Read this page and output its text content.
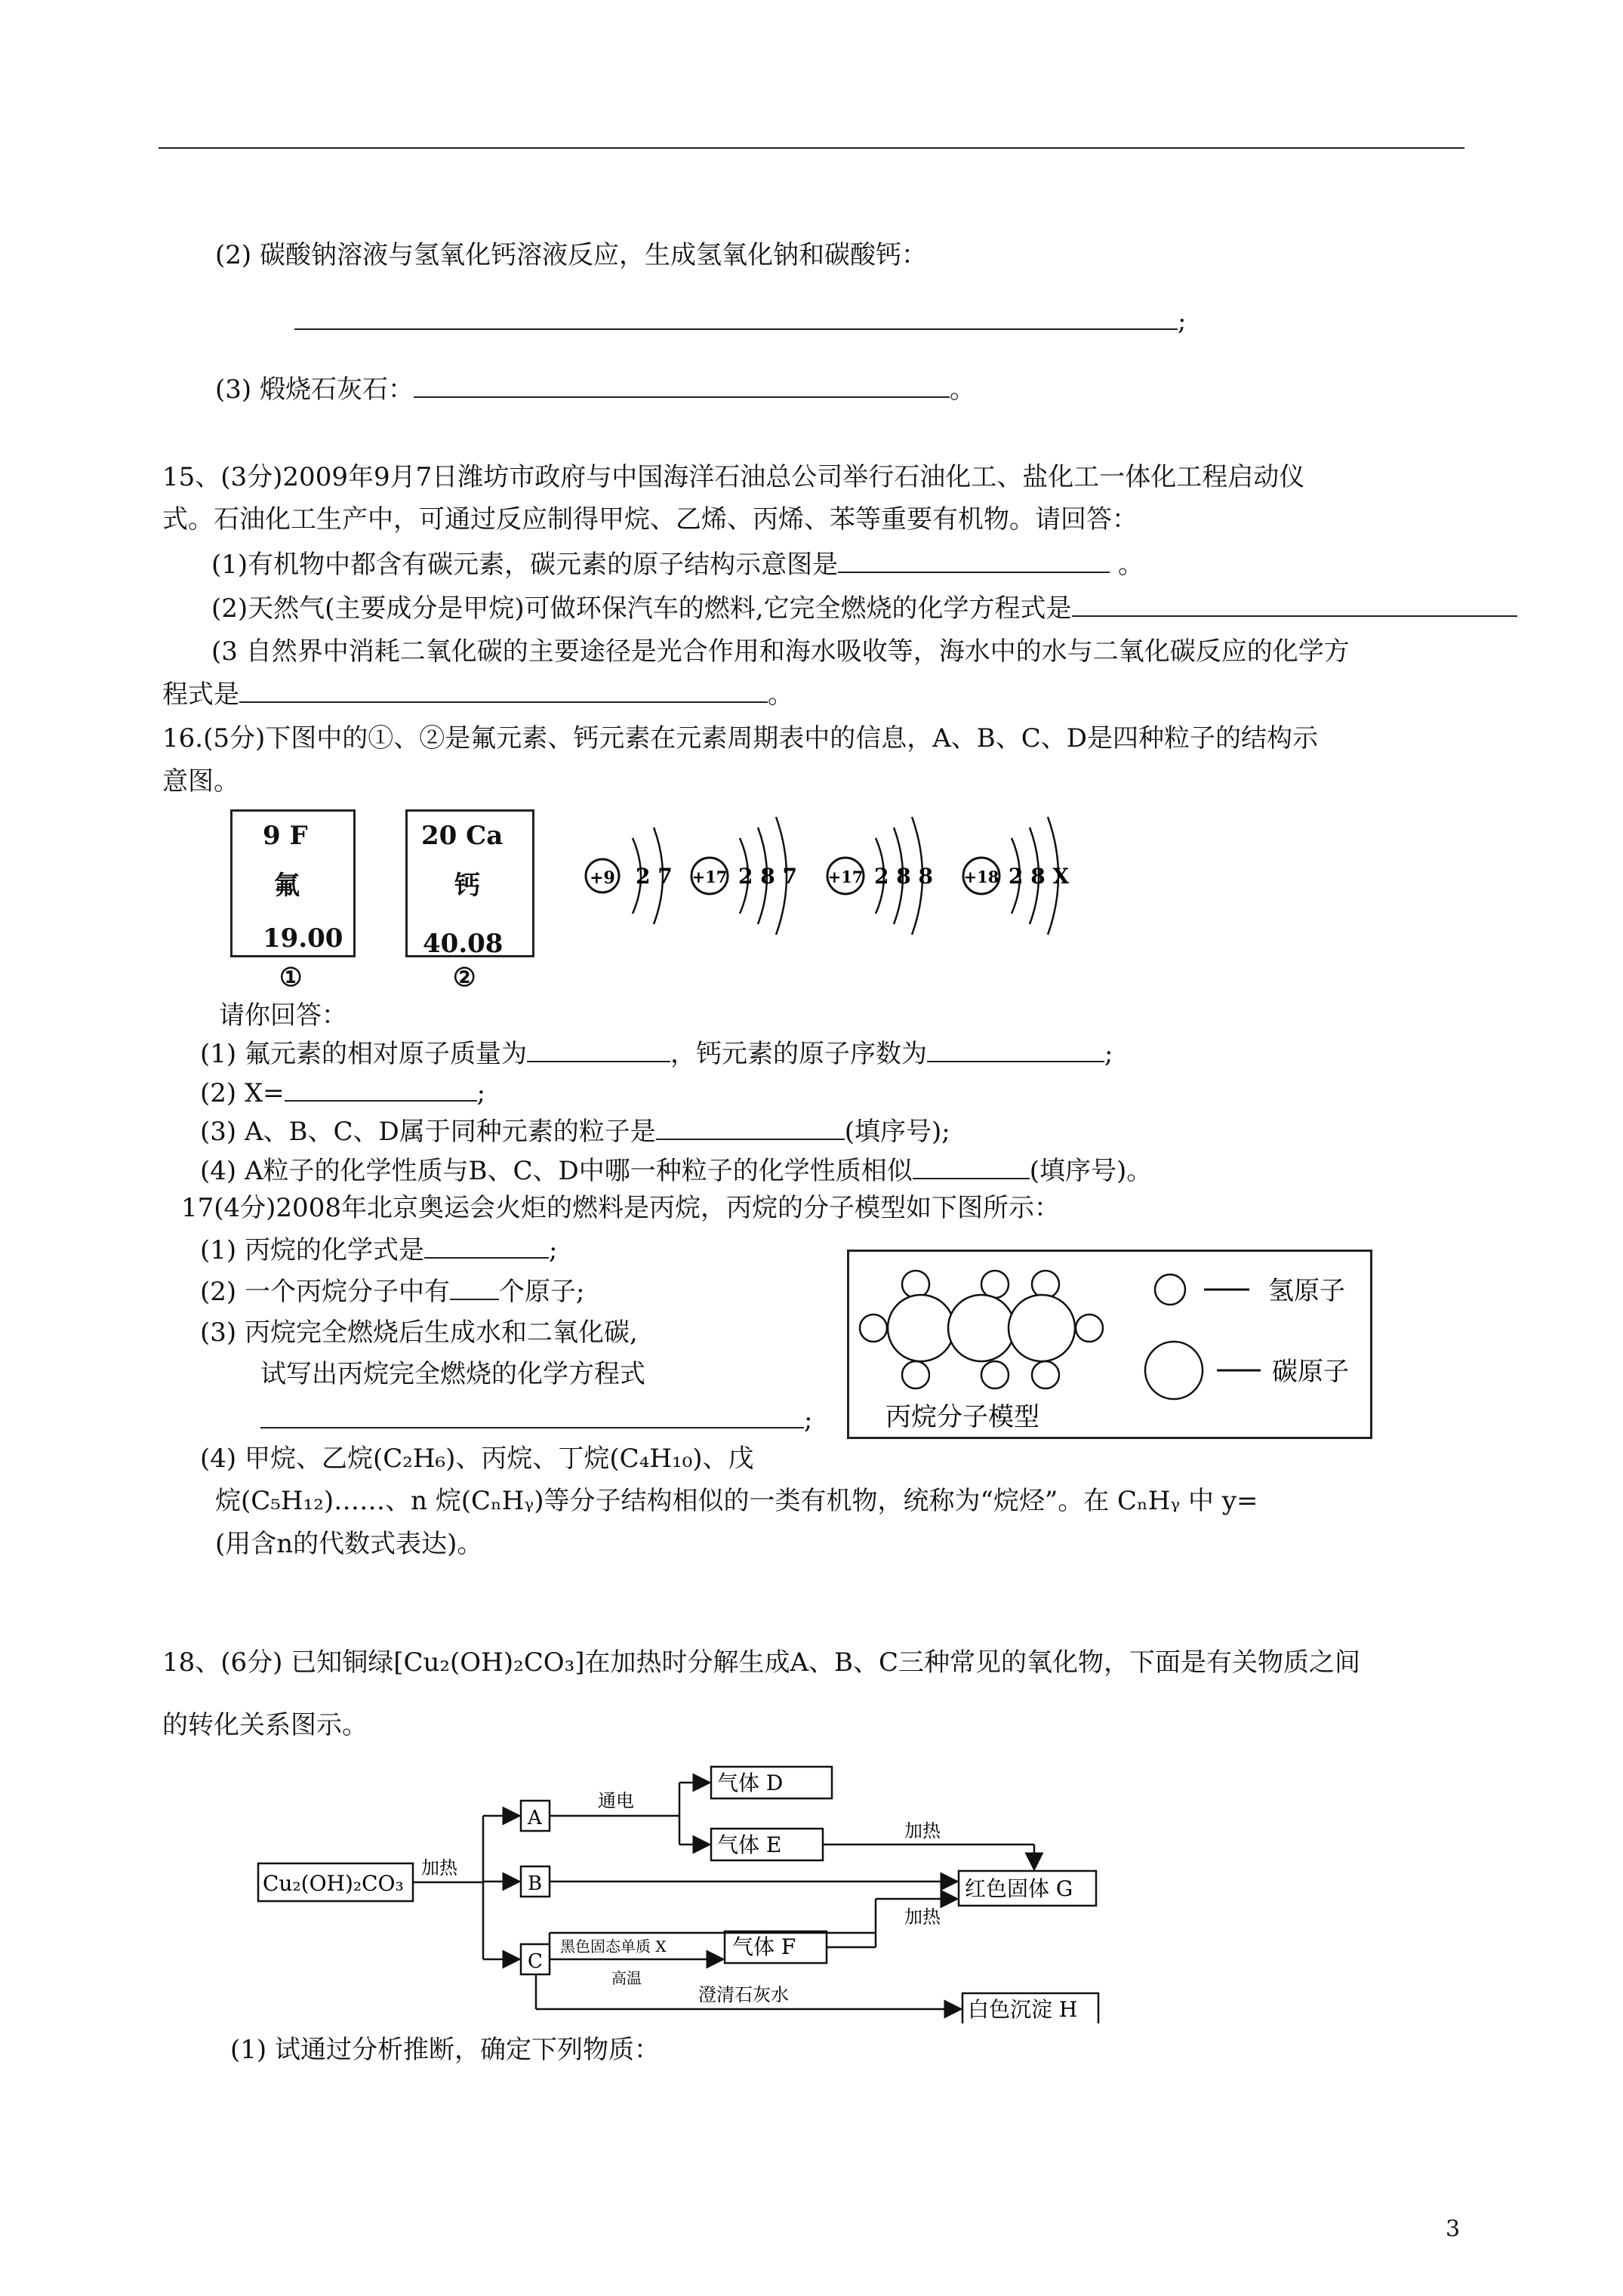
(2) 碳酸钠溶液与氢氧化钙溶液反应，生成氢氧化钠和碳酸钙：
;
(3) 煅烧石灰石：	。
15、(3分)2009年9月7日潍坊市政府与中国海洋石油总公司举行石油化工、盐化工一体化工程启动仪
式。石油化工生产中，可通过反应制得甲烷、乙烯、丙烯、苯等重要有机物。请回答：
(1)有机物中都含有碳元素，碳元素的原子结构示意图是	。
(2)天然气(主要成分是甲烷)可做环保汽车的燃料,它完全燃烧的化学方程式是
(3 自然界中消耗二氧化碳的主要途径是光合作用和海水吸收等，海水中的水与二氧化碳反应的化学方
程式是	。
16.(5分)下图中的①、②是氟元素、钙元素在元素周期表中的信息，A、B、C、D是四种粒子的结构示
意图。
9 F
氟
19.00
①
20 Ca
钙
40.08
②
+9 2 7 +17 2 8 7 +17 2 8 8 +18 2 8 X
请你回答：
(1) 氟元素的相对原子质量为	，钙元素的原子序数为	;
(2) X=	;
(3) A、B、C、D属于同种元素的粒子是	(填序号);
(4) A粒子的化学性质与B、C、D中哪一种粒子的化学性质相似	(填序号)。
17(4分)2008年北京奥运会火炬的燃料是丙烷，丙烷的分子模型如下图所示：
(1) 丙烷的化学式是	;
(2) 一个丙烷分子中有 个原子;
(3) 丙烷完全燃烧后生成水和二氧化碳,
试写出丙烷完全燃烧的化学方程式
;
氢原子
碳原子
丙烷分子模型
(4) 甲烷、乙烷(C₂H₆)、丙烷、丁烷(C₄H₁₀)、戊
烷(C₅H₁₂)……、n 烷(CₙHᵧ)等分子结构相似的一类有机物，统称为“烷烃”。在 CₙHᵧ 中 y=
(用含n的代数式表达)。
18、(6分) 已知铜绿[Cu₂(OH)₂CO₃]在加热时分解生成A、B、C三种常见的氧化物，下面是有关物质之间
的转化关系图示。
Cu₂(OH)₂CO₃
加热
A
B
C
通电
气体 D
气体 E
加热
红色固体 G
加热
黑色固态单质 X
高温
气体 F
澄清石灰水
白色沉淀 H
(1) 试通过分析推断，确定下列物质：
3
